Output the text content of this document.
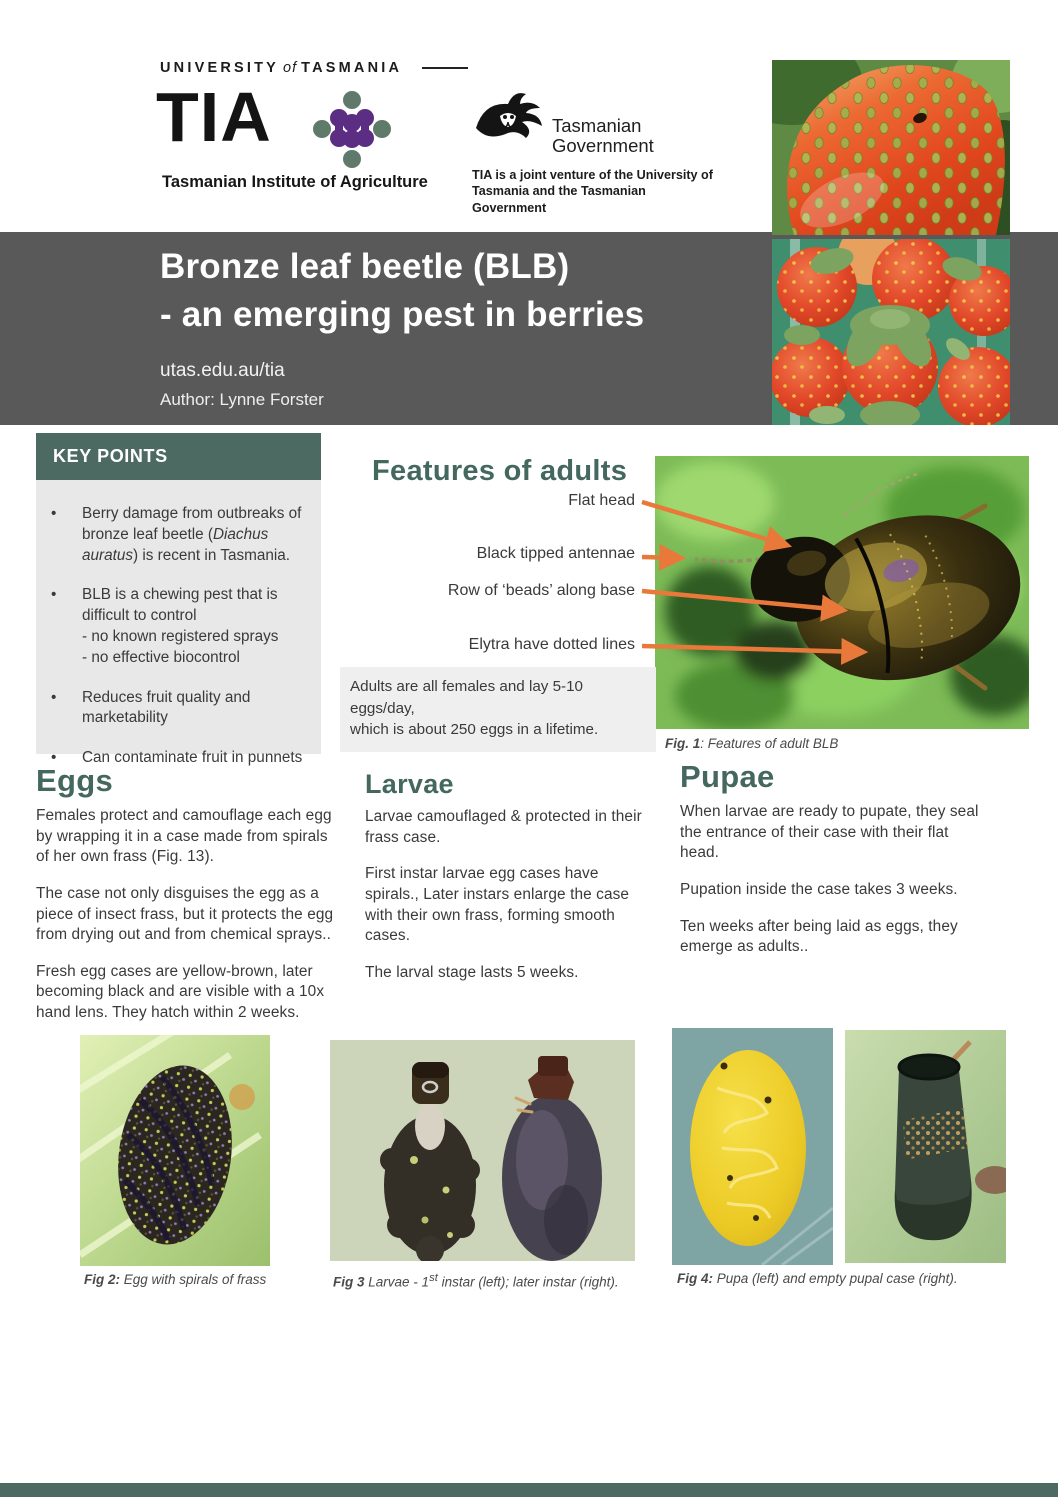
UNIVERSITY of TASMANIA
TIA
Tasmanian Institute of Agriculture
Tasmanian
Government
TIA is a joint venture of the University of Tasmania and the Tasmanian Government
Bronze leaf beetle (BLB)
- an emerging pest in berries
utas.edu.au/tia
Author: Lynne Forster
KEY POINTS
• Berry damage from outbreaks of bronze leaf beetle (Diachus auratus) is recent in Tasmania.
• BLB is a chewing pest that is difficult to control
- no known registered sprays
- no effective biocontrol
• Reduces fruit quality and marketability
• Can contaminate fruit in punnets
Features of adults
Flat head
Black tipped antennae
Row of ‘beads’ along base
Elytra have dotted lines
Adults are all females and lay 5-10 eggs/day,
which is about 250 eggs in a lifetime.
Fig. 1: Features of adult BLB
Eggs

Females protect and camouflage each egg by wrapping it in a case made from spirals of her own frass (Fig. 13).

The case not only disguises the egg as a piece of insect frass, but it protects the egg from drying out and from chemical sprays..

Fresh egg cases are yellow-brown, later becoming black and are visible with a 10x hand lens. They hatch within 2 weeks.

Larvae

Larvae camouflaged & protected in their frass case.

First instar larvae egg cases have spirals., Later instars enlarge the case with their own frass, forming smooth cases.

The larval stage lasts 5 weeks.

Pupae

When larvae are ready to pupate, they seal the entrance of their case with their flat head.

Pupation inside the case takes 3 weeks.

Ten weeks after being laid as eggs, they emerge as adults..

Fig 2: Egg with spirals of frass	Fig 3 Larvae - 1st instar (left); later instar (right).	Fig 4: Pupa (left) and empty pupal case (right).
